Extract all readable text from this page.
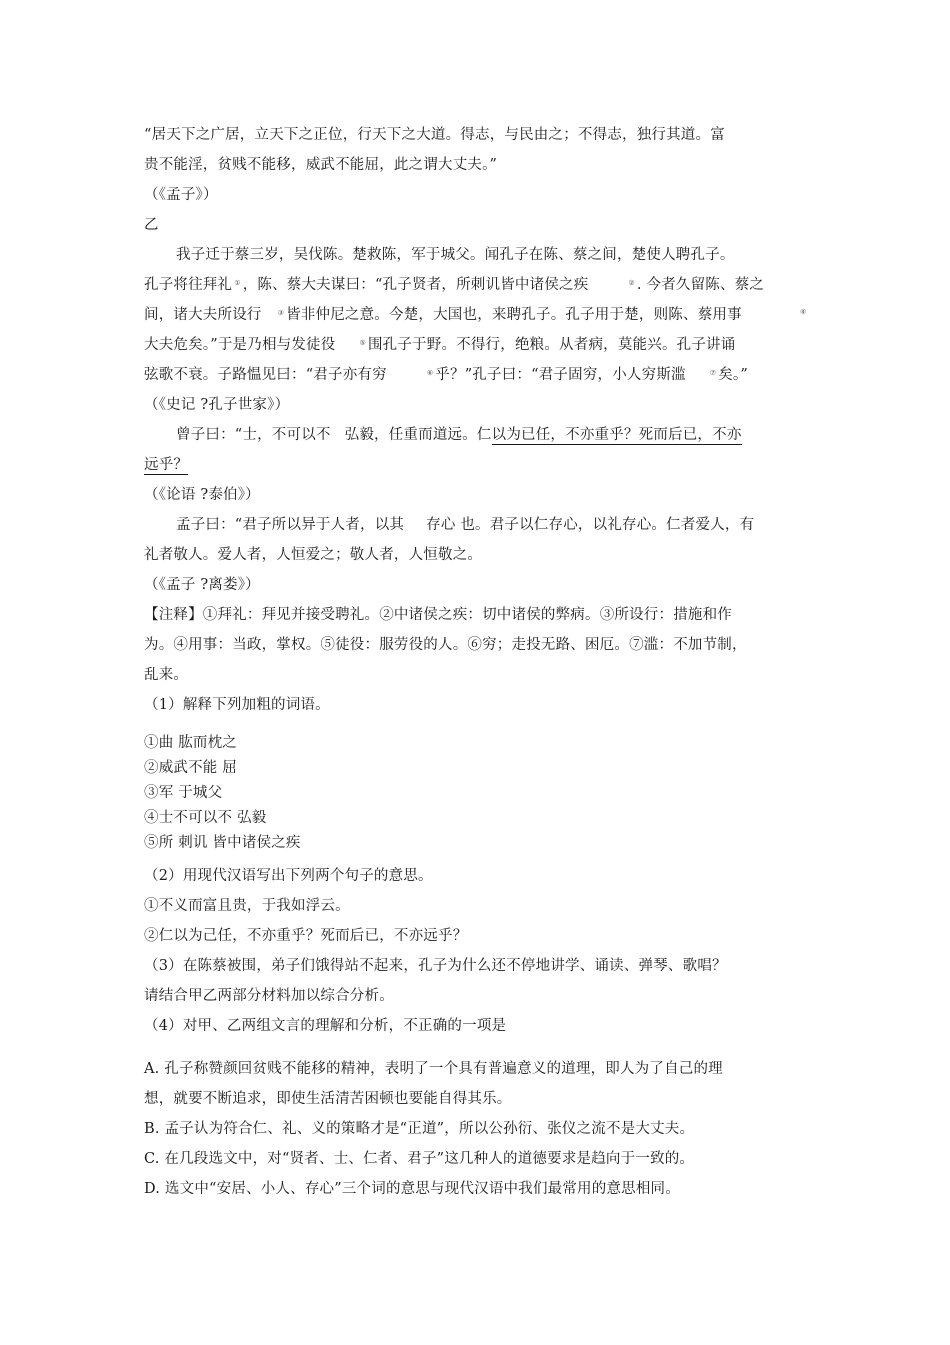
“居天下之广居，立天下之正位，行天下之大道。得志，与民由之；不得志，独行其道。富
贵不能淫，贫贱不能移，威武不能屈，此之谓大丈夫。”
（《孟子》）
乙
我子迁于蔡三岁，吴伐陈。楚救陈，军于城父。闻孔子在陈、蔡之间，楚使人聘孔子。
孔子将往拜礼 ① ，陈、蔡大夫谋曰：“孔子贤者，所刺讥皆中诸侯之疾	② . 今者久留陈、蔡之
间，诸大夫所设行 ③ 皆非仲尼之意。今楚，大国也，来聘孔子。孔子用于楚，则陈、蔡用事	④
大夫危矣。”于是乃相与发徒役	⑤ 围孔子于野。不得行，绝粮。从者病，莫能兴。孔子讲诵
弦歌不衰。子路愠见曰：“君子亦有穷	⑥ 乎？”孔子曰：“君子固穷，小人穷斯滥	⑦ 矣。”
（《史记 ?孔子世家》）
曾子曰：“士，不可以不 弘毅，任重而道远。仁以为已任，不亦重乎？死而后已，不亦
远乎？
（《论语 ?泰伯》）
孟子曰：“君子所以异于人者，以其 存心 也。君子以仁存心，以礼存心。仁者爱人，有
礼者敬人。爱人者，人恒爱之；敬人者，人恒敬之。
（《孟子 ?离娄》）
【注释】①拜礼：拜见并接受聘礼。②中诸侯之疾：切中诸侯的弊病。③所设行：措施和作
为。④用事：当政，掌权。⑤徒役：服劳役的人。⑥穷；走投无路、困厄。⑦滥：不加节制，
乱来。
（1）解释下列加粗的词语。
①曲 肱而枕之
②威武不能 屈
③军 于城父
④士不可以不 弘毅
⑤所 刺讥 皆中诸侯之疾
（2）用现代汉语写出下列两个句子的意思。
①不义而富且贵，于我如浮云。
②仁以为己任，不亦重乎？死而后已，不亦远乎？
（3）在陈蔡被围，弟子们饿得站不起来，孔子为什么还不停地讲学、诵读、弹琴、歌唱？
请结合甲乙两部分材料加以综合分析。
（4）对甲、乙两组文言的理解和分析，不正确的一项是
A. 孔子称赞颜回贫贱不能移的精神，表明了一个具有普遍意义的道理，即人为了自己的理
想，就要不断追求，即使生活清苦困顿也要能自得其乐。
B. 孟子认为符合仁、礼、义的策略才是“正道”，所以公孙衍、张仪之流不是大丈夫。
C. 在几段选文中，对“贤者、士、仁者、君子”这几种人的道德要求是趋向于一致的。
D. 选文中“安居、小人、存心”三个词的意思与现代汉语中我们最常用的意思相同。
